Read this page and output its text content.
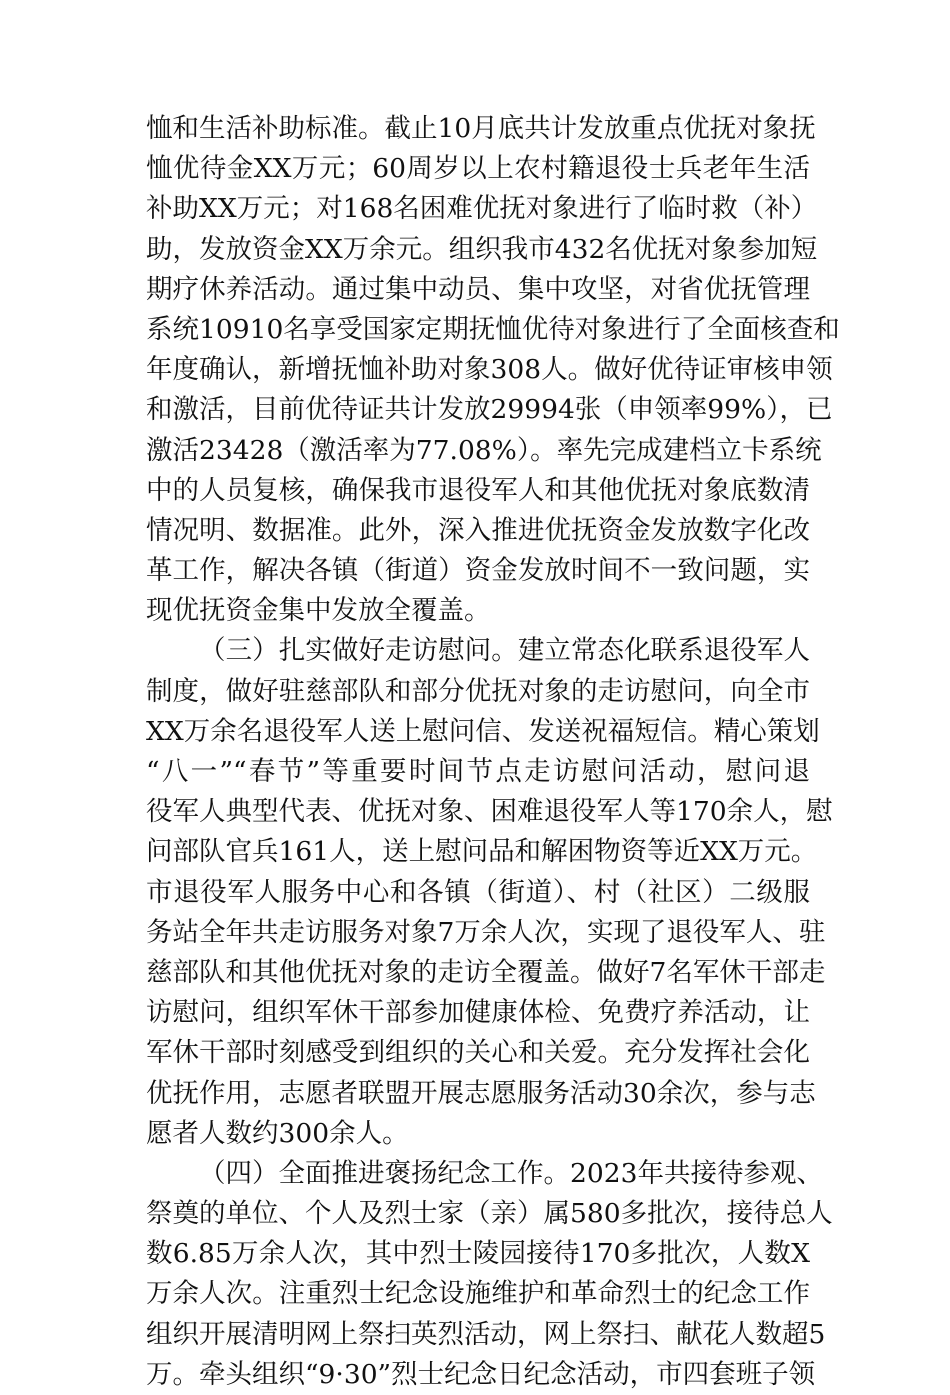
恤和生活补助标准。截止10月底共计发放重点优抚对象抚
恤优待金XX万元；60周岁以上农村籍退役士兵老年生活
补助XX万元；对168名困难优抚对象进行了临时救（补）
助，发放资金XX万余元。组织我市432名优抚对象参加短
期疗休养活动。通过集中动员、集中攻坚，对省优抚管理
系统10910名享受国家定期抚恤优待对象进行了全面核查和
年度确认，新增抚恤补助对象308人。做好优待证审核申领
和激活，目前优待证共计发放29994张（申领率99%），已
激活23428（激活率为77.08%）。率先完成建档立卡系统
中的人员复核，确保我市退役军人和其他优抚对象底数清
情况明、数据准。此外，深入推进优抚资金发放数字化改
革工作，解决各镇（街道）资金发放时间不一致问题，实
现优抚资金集中发放全覆盖。
（三）扎实做好走访慰问。建立常态化联系退役军人
制度，做好驻慈部队和部分优抚对象的走访慰问，向全市
XX万余名退役军人送上慰问信、发送祝福短信。精心策划
“八一”“春节”等重要时间节点走访慰问活动，慰问退
役军人典型代表、优抚对象、困难退役军人等170余人，慰
问部队官兵161人，送上慰问品和解困物资等近XX万元。
市退役军人服务中心和各镇（街道）、村（社区）二级服
务站全年共走访服务对象7万余人次，实现了退役军人、驻
慈部队和其他优抚对象的走访全覆盖。做好7名军休干部走
访慰问，组织军休干部参加健康体检、免费疗养活动，让
军休干部时刻感受到组织的关心和关爱。充分发挥社会化
优抚作用，志愿者联盟开展志愿服务活动30余次，参与志
愿者人数约300余人。
（四）全面推进褒扬纪念工作。2023年共接待参观、
祭奠的单位、个人及烈士家（亲）属580多批次，接待总人
数6.85万余人次，其中烈士陵园接待170多批次，人数X
万余人次。注重烈士纪念设施维护和革命烈士的纪念工作
组织开展清明网上祭扫英烈活动，网上祭扫、献花人数超5
万。牵头组织“9·30”烈士纪念日纪念活动，市四套班子领
